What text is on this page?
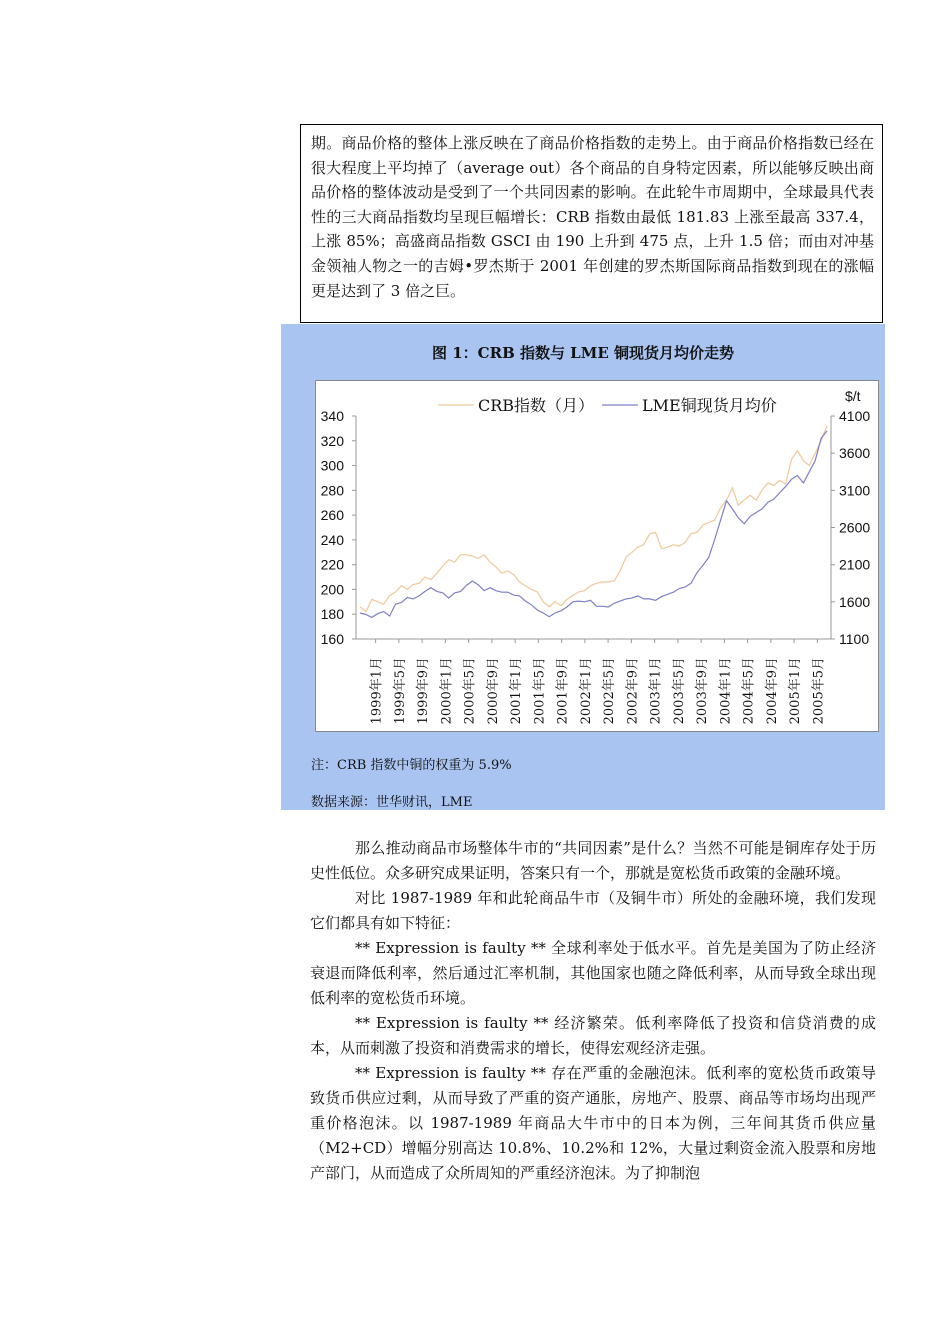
期。商品价格的整体上涨反映在了商品价格指数的走势上。由于商品价格指数已经在很大程度上平均掉了（average out）各个商品的自身特定因素，所以能够反映出商品价格的整体波动是受到了一个共同因素的影响。在此轮牛市周期中，全球最具代表性的三大商品指数均呈现巨幅增长：CRB 指数由最低 181.83 上涨至最高 337.4，上涨 85%；高盛商品指数 GSCI 由 190 上升到 475 点，上升 1.5 倍；而由对冲基金领袖人物之一的吉姆•罗杰斯于 2001 年创建的罗杰斯国际商品指数到现在的涨幅更是达到了 3 倍之巨。

图 1：CRB 指数与 LME 铜现货月均价走势
340
320
300
280
260
240
220
200
180
160
4100
3600
3100
2600
2100
1600
1100
$/t
1999年1月 1999年5月 1999年9月 2000年1月 2000年5月 2000年9月 2001年1月 2001年5月 2001年9月 2002年1月 2002年5月 2002年9月 2003年1月 2003年5月 2003年9月 2004年1月 2004年5月 2004年9月 2005年1月 2005年5月
CRB指数（月）	LME铜现货月均价
注：CRB 指数中铜的权重为 5.9%
数据来源：世华财讯，LME

那么推动商品市场整体牛市的“共同因素”是什么？当然不可能是铜库存处于历史性低位。众多研究成果证明，答案只有一个，那就是宽松货币政策的金融环境。

对比 1987-1989 年和此轮商品牛市（及铜牛市）所处的金融环境，我们发现它们都具有如下特征：

** Expression is faulty ** 全球利率处于低水平。首先是美国为了防止经济衰退而降低利率，然后通过汇率机制，其他国家也随之降低利率，从而导致全球出现低利率的宽松货币环境。

** Expression is faulty ** 经济繁荣。低利率降低了投资和信贷消费的成本，从而刺激了投资和消费需求的增长，使得宏观经济走强。

** Expression is faulty ** 存在严重的金融泡沫。低利率的宽松货币政策导致货币供应过剩，从而导致了严重的资产通胀，房地产、股票、商品等市场均出现严重价格泡沫。以 1987-1989 年商品大牛市中的日本为例，三年间其货币供应量（M2+CD）增幅分别高达 10.8%、10.2%和 12%，大量过剩资金流入股票和房地产部门，从而造成了众所周知的严重经济泡沫。为了抑制泡
